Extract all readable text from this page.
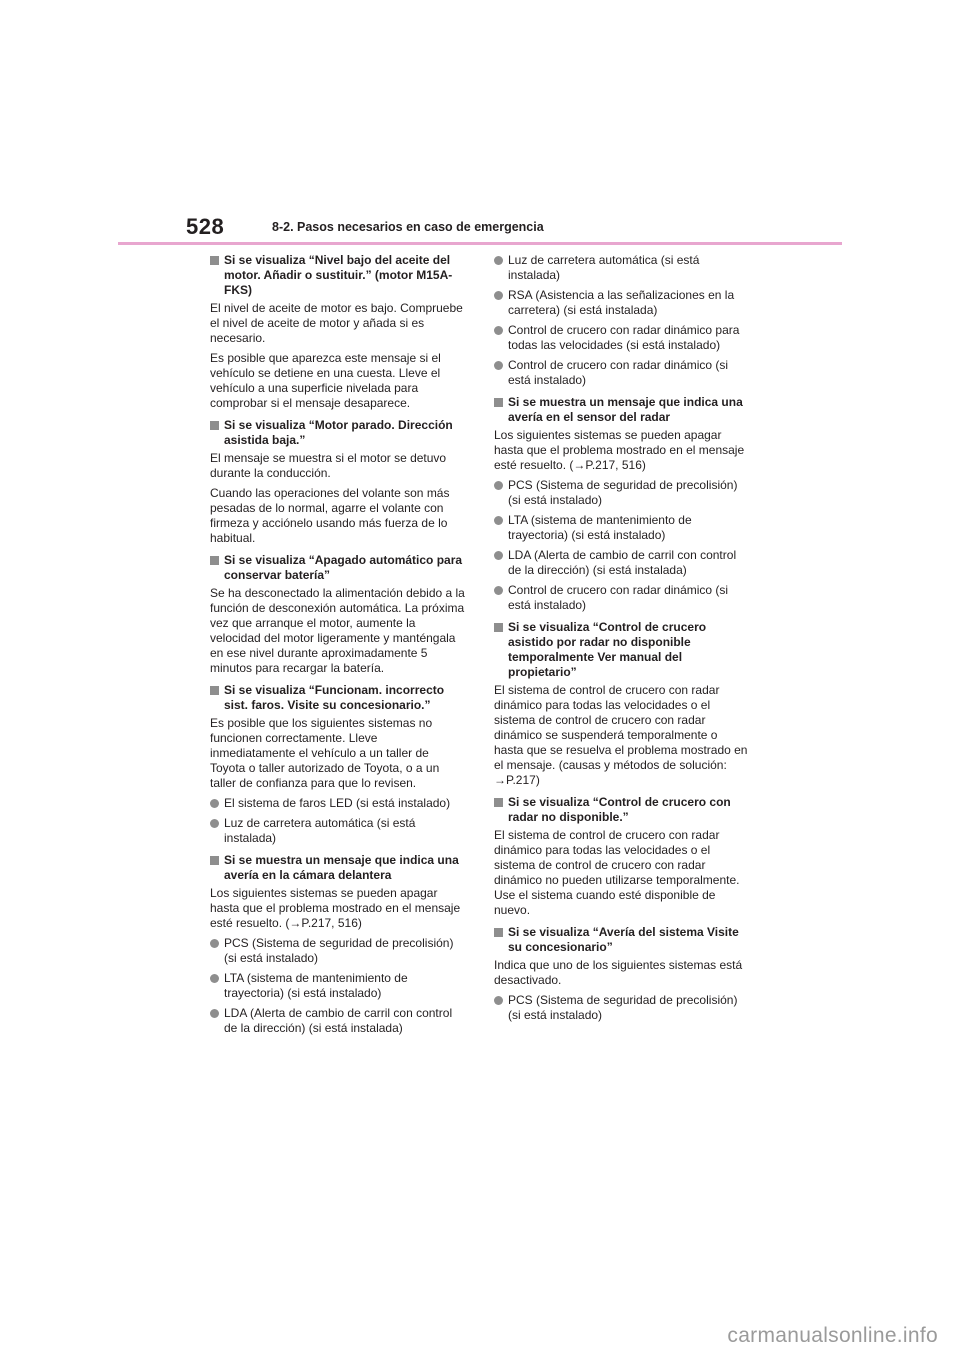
528	8-2. Pasos necesarios en caso de emergencia
Si se visualiza “Nivel bajo del aceite del motor. Añadir o sustituir.” (motor M15A-FKS)

El nivel de aceite de motor es bajo. Compruebe el nivel de aceite de motor y añada si es necesario.

Es posible que aparezca este mensaje si el vehículo se detiene en una cuesta. Lleve el vehículo a una superficie nivelada para comprobar si el mensaje desaparece.

Si se visualiza “Motor parado. Dirección asistida baja.”

El mensaje se muestra si el motor se detuvo durante la conducción.

Cuando las operaciones del volante son más pesadas de lo normal, agarre el volante con firmeza y acciónelo usando más fuerza de lo habitual.

Si se visualiza “Apagado automático para conservar batería”

Se ha desconectado la alimentación debido a la función de desconexión automática. La próxima vez que arranque el motor, aumente la velocidad del motor ligeramente y manténgala en ese nivel durante aproximadamente 5 minutos para recargar la batería.

Si se visualiza “Funcionam. incorrecto sist. faros. Visite su concesionario.”

Es posible que los siguientes sistemas no funcionen correctamente. Lleve inmediatamente el vehículo a un taller de Toyota o taller autorizado de Toyota, o a un taller de confianza para que lo revisen.

El sistema de faros LED (si está instalado)
Luz de carretera automática (si está instalada)
Si se muestra un mensaje que indica una avería en la cámara delantera

Los siguientes sistemas se pueden apagar hasta que el problema mostrado en el mensaje esté resuelto. (→P.217, 516)

PCS (Sistema de seguridad de precolisión) (si está instalado)
LTA (sistema de mantenimiento de trayectoria) (si está instalado)
LDA (Alerta de cambio de carril con control de la dirección) (si está instalada)
Luz de carretera automática (si está instalada)
RSA (Asistencia a las señalizaciones en la carretera) (si está instalada)
Control de crucero con radar dinámico para todas las velocidades (si está instalado)
Control de crucero con radar dinámico (si está instalado)
Si se muestra un mensaje que indica una avería en el sensor del radar

Los siguientes sistemas se pueden apagar hasta que el problema mostrado en el mensaje esté resuelto. (→P.217, 516)

PCS (Sistema de seguridad de precolisión) (si está instalado)
LTA (sistema de mantenimiento de trayectoria) (si está instalado)
LDA (Alerta de cambio de carril con control de la dirección) (si está instalada)
Control de crucero con radar dinámico (si está instalado)
Si se visualiza “Control de crucero asistido por radar no disponible temporalmente Ver manual del propietario”

El sistema de control de crucero con radar dinámico para todas las velocidades o el sistema de control de crucero con radar dinámico se suspenderá temporalmente o hasta que se resuelva el problema mostrado en el mensaje. (causas y métodos de solución: →P.217)

Si se visualiza “Control de crucero con radar no disponible.”

El sistema de control de crucero con radar dinámico para todas las velocidades o el sistema de control de crucero con radar dinámico no pueden utilizarse temporalmente. Use el sistema cuando esté disponible de nuevo.

Si se visualiza “Avería del sistema Visite su concesionario”

Indica que uno de los siguientes sistemas está desactivado.

PCS (Sistema de seguridad de precolisión) (si está instalado)
carmanualsonline.info
